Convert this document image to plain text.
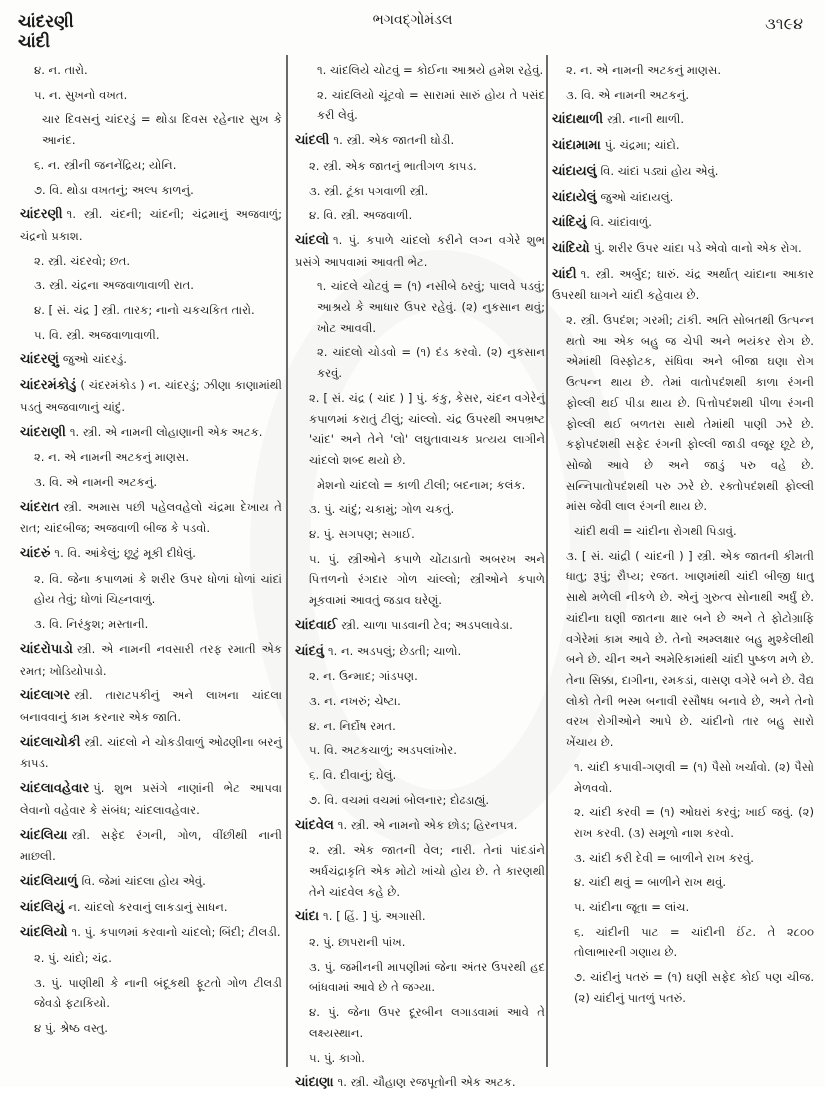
ચાંદરણી
ચાંદી
ભગવદ્ગોમંડલ	૩૧૯૪

૪. ન. તારો.

૫. ન. સુખનો વખત.

ચાર દિવસનું ચાંદરડું = થોડા દિવસ રહેનાર સુખ કે આનંદ.

૬. ન. સ્ત્રીની જનનેંદ્રિય; યોનિ.

૭. વિ. થોડા વખતનું; અલ્પ કાળનું.

ચાંદરણી ૧. સ્ત્રી. ચંદની; ચાંદની; ચંદ્રમાનું અજવાળું; ચંદ્રનો પ્રકાશ.

૨. સ્ત્રી. ચંદરવો; છત.

૩. સ્ત્રી. ચંદ્રના અજવાળાવાળી રાત.

૪. [ સં. ચંદ્ર ] સ્ત્રી. તારક; નાનો ચકચકિત તારો.

૫. વિ. સ્ત્રી. અજવાળાવાળી.

ચાંદરણું જુઓ ચાંદરડું.

ચાંદરમંકોડું ( ચંદરમંકોડ ) ન. ચાંદરડું; ઝીણા કાણામાંથી પડતું અજવાળાનું ચાંદું.

ચાંદરાણી ૧. સ્ત્રી. એ નામની લોહાણાની એક અટક.

૨. ન. એ નામની અટકનું માણસ.

૩. વિ. એ નામની અટકનું.

ચાંદરાત સ્ત્રી. અમાસ પછી પહેલવહેલો ચંદ્રમા દેખાય તે રાત; ચાંદબીજ; અજવાળી બીજ કે પડવો.

ચાંદરું ૧. વિ. આંકેલું; છૂટું મૂકી દીધેલું.

૨. વિ. જેના કપાળમાં કે શરીર ઉપર ધોળાં ધોળાં ચાંદાં હોય તેવું; ધોળાં ચિહ્નવાળું.

૩. વિ. નિરંકુશ; મસ્તાની.

ચાંદરોપાડો સ્ત્રી. એ નામની નવસારી તરફ રમાતી એક રમત; ખોડિયોપાડો.

ચાંદલાગર સ્ત્રી. તારાટપકીનું અને લાખના ચાંદલા બનાવવાનું કામ કરનાર એક જાતિ.

ચાંદલાચોકી સ્ત્રી. ચાંદલો ને ચોકડીવાળું ઓઢણીના બરનું કાપડ.

ચાંદલાવહેવાર પું. શુભ પ્રસંગે નાણાંની ભેટ આપવા લેવાનો વહેવાર કે સંબંધ; ચાંદલાવહેવાર.

ચાંદલિયા સ્ત્રી. સફેદ રંગની, ગોળ, વીંછીથી નાની માછલી.

ચાંદલિયાળું વિ. જેમાં ચાંદલા હોય એવું.

ચાંદલિયું ન. ચાંદલો કરવાનું લાકડાનું સાધન.

ચાંદલિયો ૧. પું. કપાળમાં કરવાનો ચાંદલો; બિંદી; ટીલડી.

૨. પું. ચાંદો; ચંદ્ર.

૩. પું. પાણીથી કે નાની બંદૂકથી ફૂટતો ગોળ ટીલડી જેવડો ફટાકિયો.

૪ પું. શ્રેષ્ઠ વસ્તુ.

૧. ચાંદલિયે ચોટવું = કોઈના આશ્રયે હમેશ રહેવું.

૨. ચાંદલિયો ચૂંટવો = સારામાં સારું હોય તે પસંદ કરી લેવું.

ચાંદલી ૧. સ્ત્રી. એક જાતની ઘોડી.

૨. સ્ત્રી. એક જાતનું ભાતીગળ કાપડ.

૩. સ્ત્રી. ટૂંકા પગવાળી સ્ત્રી.

૪. વિ. સ્ત્રી. અજવાળી.

ચાંદલો ૧. પું. કપાળે ચાંદલો કરીને લગ્ન વગેરે શુભ પ્રસંગે આપવામાં આવતી ભેટ.

૧. ચાંદલે ચોટવું = (૧) નસીબે ઠરવું; પાલવે પડવું; આશ્રયે કે આધાર ઉપર રહેવું. (૨) નુકસાન થવું; ખોટ આવવી.

૨. ચાંદલો ચોડવો = (૧) દંડ કરવો. (૨) નુકસાન કરવું.

૨. [ સં. ચંદ્ર ( ચાંદ ) ] પું. કંકુ, કેસર, ચંદન વગેરેનું કપાળમાં કરાતું ટીલું; ચાંલ્લો. ચંદ્ર ઉપરથી અપભ્રષ્ટ 'ચાંદ' અને તેને 'લો' લઘુતાવાચક પ્રત્યય લાગીને ચાંદલો શબ્દ થયો છે.

મેશનો ચાંદલો = કાળી ટીલી; બદનામ; કલંક.

૩. પું. ચાંદું; ચકામું; ગોળ ચકતું.

૪. પું. સગપણ; સગાઈ.

૫. પું. સ્ત્રીઓને કપાળે ચોંટાડાતો અબરખ અને પિત્તળનો રંગદાર ગોળ ચાંલ્લો; સ્ત્રીઓને કપાળે મૂકવામાં આવતું જડાવ ઘરેણું.

ચાંદવાઈ સ્ત્રી. ચાળા પાડવાની ટેવ; અડપલાવેડા.

ચાંદવું ૧. ન. અડપલું; છેડતી; ચાળો.

૨. ન. ઉન્માદ; ગાંડપણ.

૩. ન. નખરું; ચેષ્ટા.

૪. ન. નિર્દોષ રમત.

૫. વિ. અટકચાળું; અડપલાંખોર.

૬. વિ. દીવાનું; ઘેલું.

૭. વિ. વચમાં વચમાં બોલનાર; દોઢડાહ્યું.

ચાંદવેલ ૧. સ્ત્રી. એ નામનો એક છોડ; હિરનપત્ર.

૨. સ્ત્રી. એક જાતની વેલ; નારી. તેનાં પાંદડાંને અર્ધચંદ્રાકૃતિ એક મોટો ખાંચો હોય છે. તે કારણથી તેને ચાંદવેલ કહે છે.

ચાંદા ૧. [ હિં. ] પું. અગાસી.

૨. પું. છાપરાની પાંખ.

૩. પું. જમીનની માપણીમાં જેના અંતર ઉપરથી હદ બાંધવામાં આવે છે તે જગ્યા.

૪. પું. જેના ઉપર દૂરબીન લગાડવામાં આવે તે લક્ષ્યસ્થાન.

૫. પું. કાગો.

ચાંદાણા ૧. સ્ત્રી. ચૌહાણ રજપૂતોની એક અટક.

૨. ન. એ નામની અટકનું માણસ.

૩. વિ. એ નામની અટકનું.

ચાંદાથાળી સ્ત્રી. નાની થાળી.

ચાંદામામા પું. ચંદ્રમા; ચાંદો.

ચાંદાયલું વિ. ચાંદાં પડ્યાં હોય એવું.

ચાંદાયેલું જુઓ ચાંદાયલું.

ચાંદિયું વિ. ચાંદાંવાળું.

ચાંદિયો પું. શરીર ઉપર ચાંદા પડે એવો વાનો એક રોગ.

ચાંદી ૧. સ્ત્રી. અર્બુદ; ઘારું. ચંદ્ર અર્થાત્ ચાંદાના આકાર ઉપરથી ઘાગને ચાંદી કહેવાય છે.

૨. સ્ત્રી. ઉપદંશ; ગરમી; ટાંકી. અતિ સોબતથી ઉત્પન્ન થતો આ એક બહુ જ ચેપી અને ભયંકર રોગ છે. એમાંથી વિસ્ફોટક, સંધિવા અને બીજા ઘણા રોગ ઉત્પન્ન થાય છે. તેમાં વાતોપદંશથી કાળા રંગની ફોલ્લી થઈ પીડા થાય છે. પિત્તોપદંશથી પીળા રંગની ફોલ્લી થઈ બળતરા સાથે તેમાંથી પાણી ઝરે છે. કફોપદંશથી સફેદ રંગની ફોલ્લી જાડી વજૂર છૂટે છે, સોજો આવે છે અને જાડું પરુ વહે છે. સન્નિપાતોપદંશથી પરુ ઝરે છે. રક્તોપદંશથી ફોલ્લી માંસ જેવી લાલ રંગની થાય છે.

ચાંદી થવી = ચાંદીના રોગથી પિડાવું.

૩. [ સં. ચાંદ્રી ( ચાંદની ) ] સ્ત્રી. એક જાતની કીમતી ધાતુ; રૂપું; રૌપ્ય; રજત. ખાણમાંથી ચાંદી બીજી ધાતુ સાથે મળેલી નીકળે છે. એનું ગુરુત્વ સોનાથી અર્ધું છે. ચાંદીના ઘણી જાતના ક્ષાર બને છે અને તે ફોટોગ્રાફિ વગેરેમાં કામ આવે છે. તેનો અમ્લક્ષાર બહુ મુશ્કેલીથી બને છે. ચીન અને અમેરિકામાંથી ચાંદી પુષ્કળ મળે છે. તેના સિક્કા, દાગીના, રમકડાં, વાસણ વગેરે બને છે. વૈદ્ય લોકો તેની ભસ્મ બનાવી રસૌષધ બનાવે છે, અને તેનો વરખ રોગીઓને આપે છે. ચાંદીનો તાર બહુ સારો ખેંચાય છે.

૧. ચાંદી કપાવી-ગણવી = (૧) પૈસો ખર્ચાવો. (૨) પૈસો મેળવવો.

૨. ચાંદી કરવી = (૧) ઓઘરાં કરવું; ખાઈ જવું. (૨) રાખ કરવી. (૩) સમૂળો નાશ કરવો.

૩. ચાંદી કરી દેવી = બાળીને રાખ કરવું.

૪. ચાંદી થવું = બાળીને રાખ થવું.

૫. ચાંદીના જૂતા = લાંચ.

૬. ચાંદીની પાટ = ચાંદીની ઈંટ. તે ૨૮૦૦ તોલાભારની ગણાય છે.

૭. ચાંદીનું પતરું = (૧) ઘણી સફેદ કોઈ પણ ચીજ. (૨) ચાંદીનું પાતળું પતરું.
